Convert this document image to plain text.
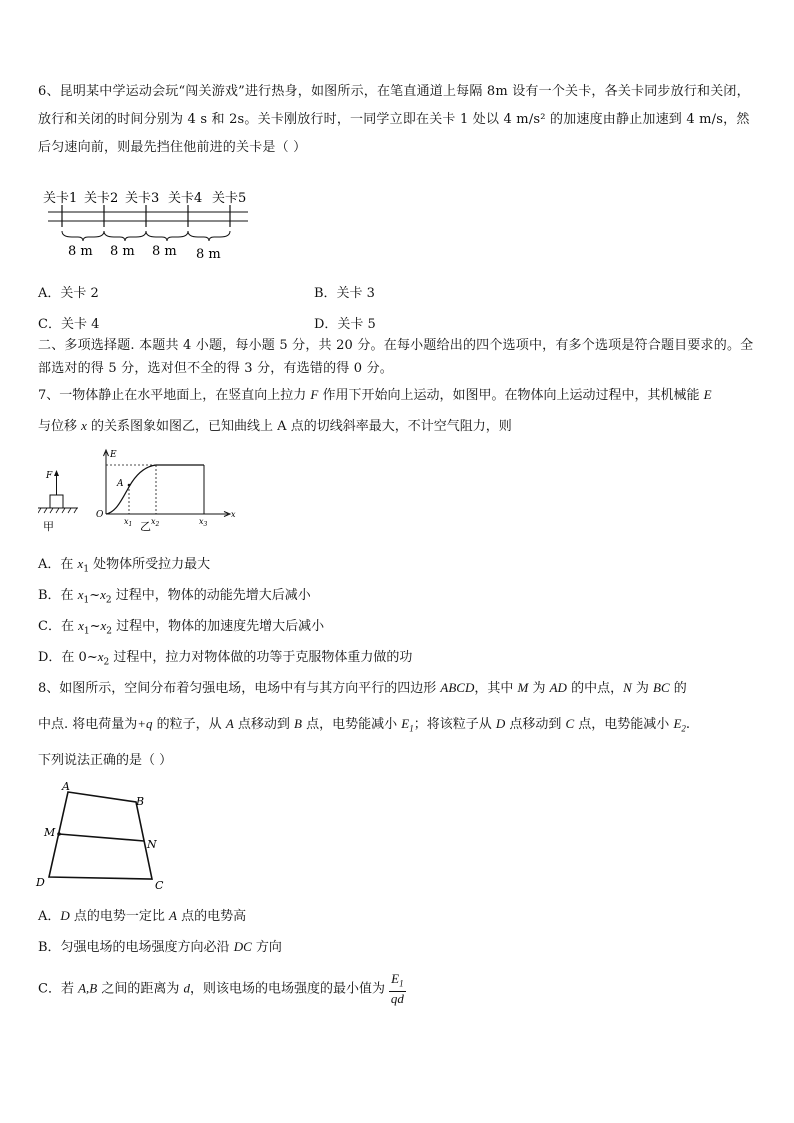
6、昆明某中学运动会玩“闯关游戏”进行热身，如图所示，在笔直通道上每隔 8m 设有一个关卡，各关卡同步放行和关闭，放行和关闭的时间分别为 4 s 和 2s。关卡刚放行时，一同学立即在关卡 1 处以 4 m/s² 的加速度由静止加速到 4 m/s，然后匀速向前，则最先挡住他前进的关卡是（ ）
关卡1 关卡2 关卡3 关卡4 关卡5
8 m 8 m 8 m 8 m
A．关卡 2	B．关卡 3
C．关卡 4	D．关卡 5
二、多项选择题. 本题共 4 小题，每小题 5 分，共 20 分。在每小题给出的四个选项中，有多个选项是符合题目要求的。全部选对的得 5 分，选对但不全的得 3 分，有选错的得 0 分。
7、一物体静止在水平地面上，在竖直向上拉力 F 作用下开始向上运动，如图甲。在物体向上运动过程中，其机械能 E
与位移 x 的关系图象如图乙，已知曲线上 A 点的切线斜率最大，不计空气阻力，则
F
甲
E
x
O
A
$x_1$ $x_2$	$x_3$
乙
A．在 $x_1$ 处物体所受拉力最大
B．在 $x_1\sim x_2$ 过程中，物体的动能先增大后减小
C．在 $x_1\sim x_2$ 过程中，物体的加速度先增大后减小
D．在 $0\sim x_2$ 过程中，拉力对物体做的功等于克服物体重力做的功
8、如图所示，空间分布着匀强电场，电场中有与其方向平行的四边形 ABCD，其中 M 为 AD 的中点，N 为 BC 的
中点. 将电荷量为+q 的粒子，从 A 点移动到 B 点，电势能减小 $E_1$；将该粒子从 D 点移动到 C 点，电势能减小 $E_2$.
下列说法正确的是（ ）
A
B
C
D
M
N
A．D 点的电势一定比 A 点的电势高
B．匀强电场的电场强度方向必沿 DC 方向
C．若 A,B 之间的距离为 d，则该电场的电场强度的最小值为 $\frac{E_1}{qd}$
